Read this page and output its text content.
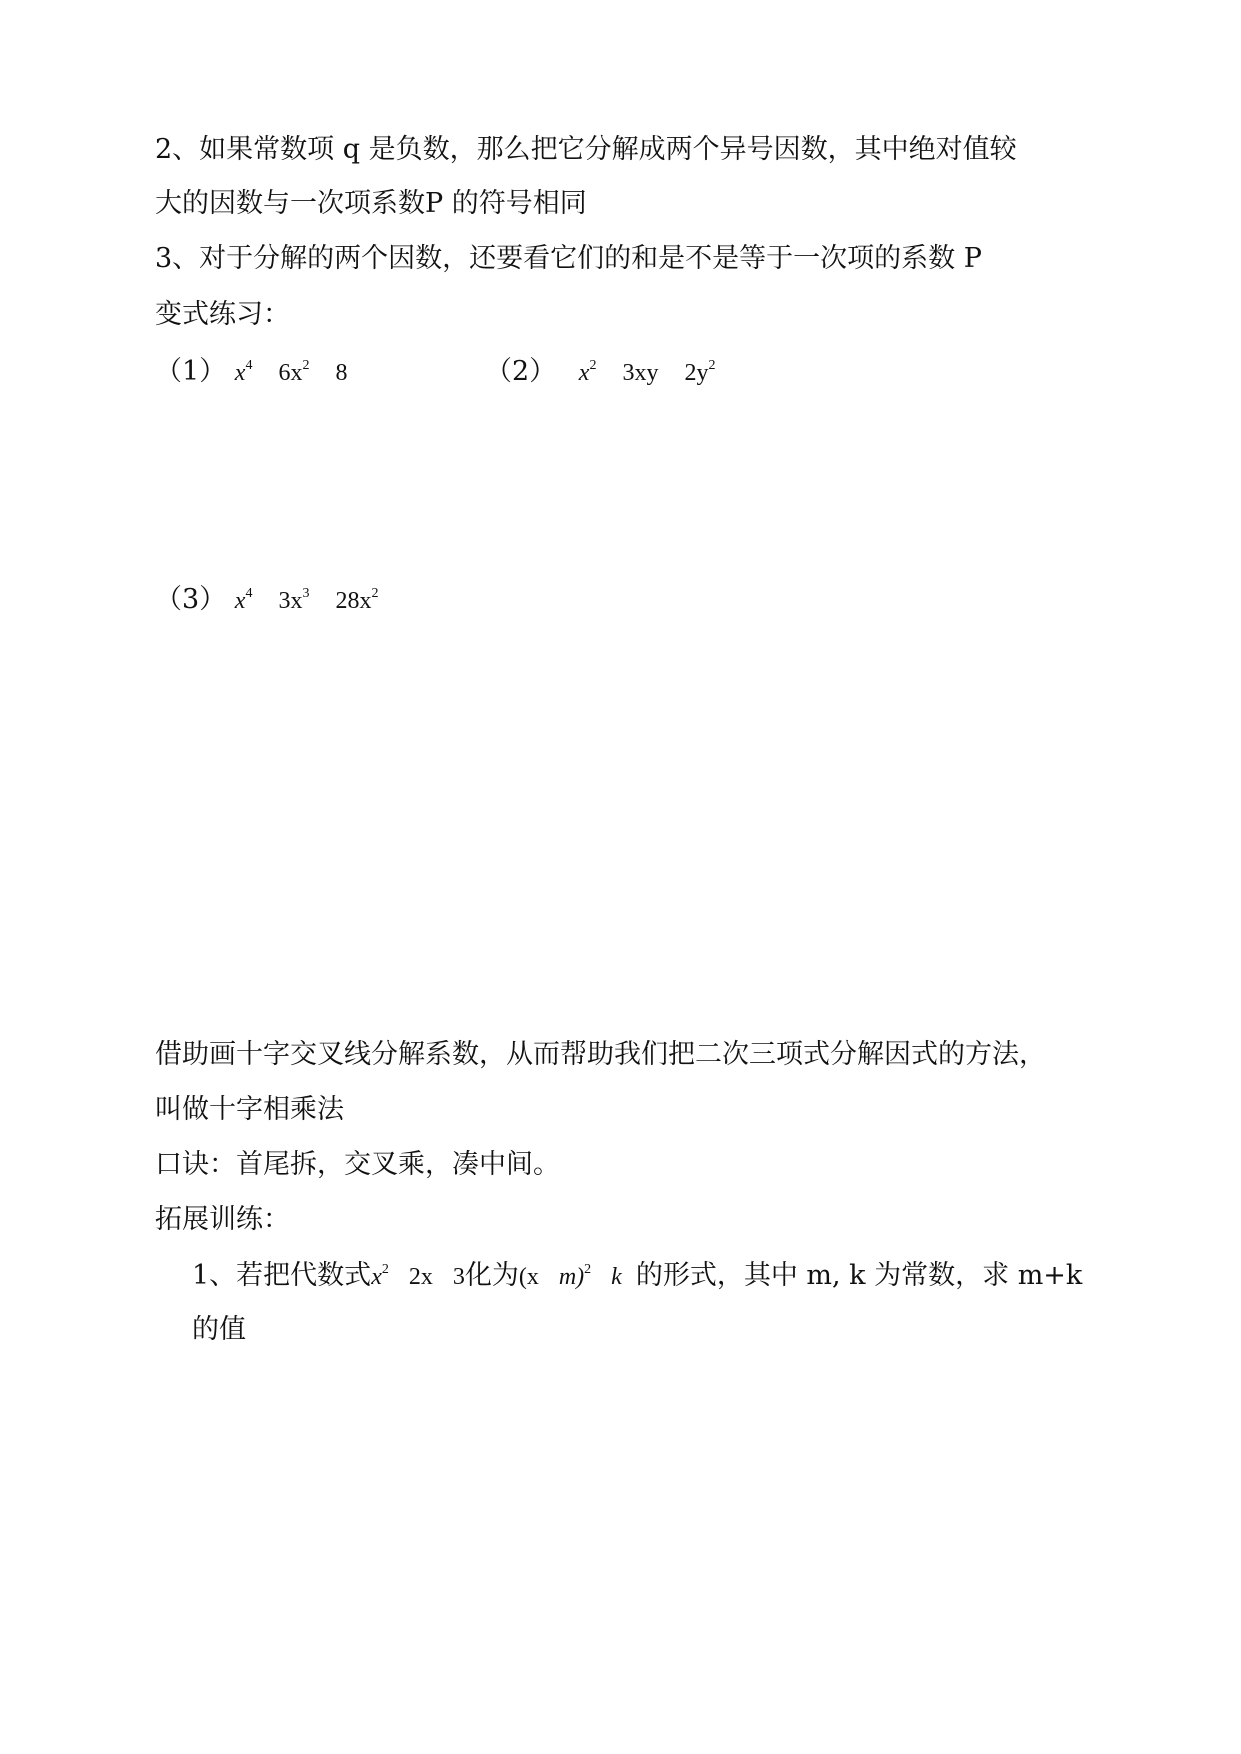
2、如果常数项 q 是负数，那么把它分解成两个异号因数，其中绝对值较
大的因数与一次项系数P 的符号相同
3、对于分解的两个因数，还要看它们的和是不是等于一次项的系数 P
变式练习：
（1） $x^4$ $6x^2$ 8	（2） $x^2$ 3xy $2y^2$
（3） $x^4$ $3x^3$ $28x^2$
借助画十字交叉线分解系数，从而帮助我们把二次三项式分解因式的方法，
叫做十字相乘法
口诀：首尾拆，交叉乘，凑中间。
拓展训练：
1、若把代数式$x^2$ 2x 3化为(x m)$^2$ k 的形式，其中 m, k 为常数，求 m+k
的值
